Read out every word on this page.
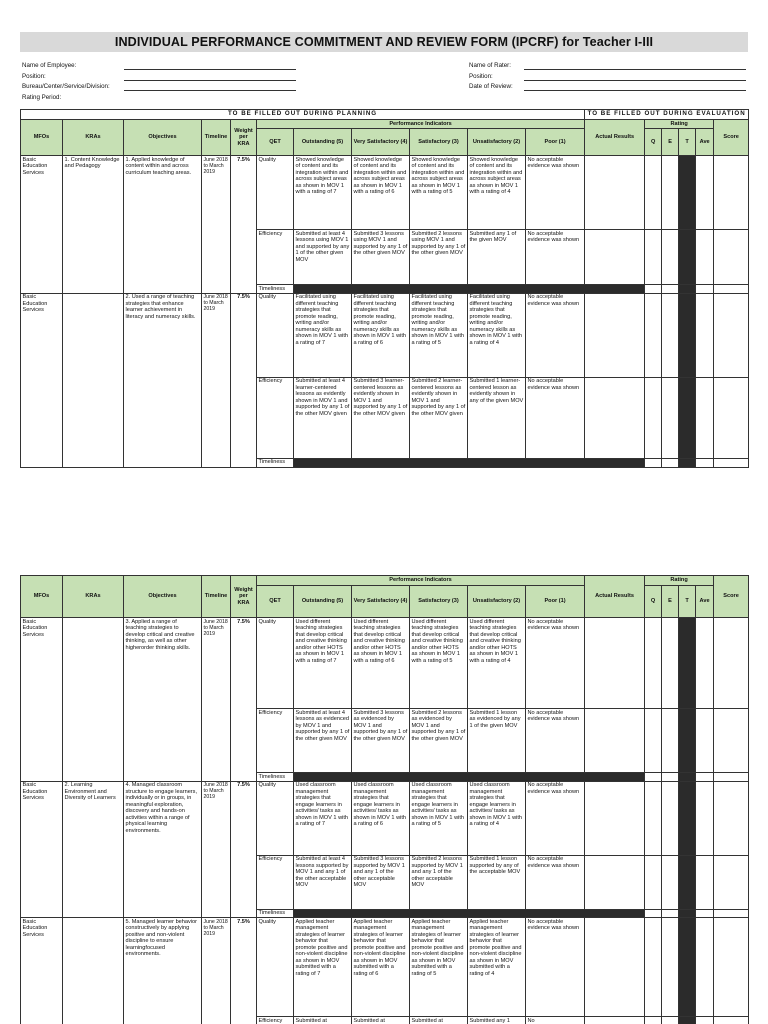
INDIVIDUAL PERFORMANCE COMMITMENT AND REVIEW FORM (IPCRF) for Teacher I-III
Name of Employee:
Position:
Bureau/Center/Service/Division:
Rating Period:
Name of Rater:
Position:
Date of Review:
TO BE FILLED OUT DURING PLANNING											TO BE FILLED OUT DURING EVALUATION					
MFOs	KRAs	Objectives	Timeline	Weight per KRA	Performance Indicators						Actual Results	Rating				Score
					QET	Outstanding (5)	Very Satisfactory (4)	Satisfactory (3)	Unsatisfactory (2)	Poor (1)		Q	E	T	Ave	
Basic Education Services	1. Content Knowledge and Pedagogy	1. Applied knowledge of content within and across curriculum teaching areas.	June 2018 to March 2019	7.5%	Quality	Showed knowledge of content and its integration within and across subject areas as shown in MOV 1 with a rating of 7	Showed knowledge of content and its integration within and across subject areas as shown in MOV 1 with a rating of 6	Showed knowledge of content and its integration within and across subject areas as shown in MOV 1 with a rating of 5	Showed knowledge of content and its integration within and across subject areas as shown in MOV 1 with a rating of 4	No acceptable evidence was shown						
					Efficiency	Submitted at least 4 lessons using MOV 1 and supported by any 1 of the other given MOV	Submitted 3 lessons using MOV 1 and supported by any 1 of the other given MOV	Submitted 2 lessons using MOV 1 and supported by any 1 of the other given MOV	Submitted any 1 of the given MOV	No acceptable evidence was shown						
					Timeliness											
Basic Education Services		2. Used a range of teaching strategies that enhance learner achievement in literacy and numeracy skills.	June 2018 to March 2019	7.5%	Quality	Facilitated using different teaching strategies that promote reading, writing and/or numeracy skills as shown in MOV 1 with a rating of 7	Facilitated using different teaching strategies that promote reading, writing and/or numeracy skills as shown in MOV 1 with a rating of 6	Facilitated using different teaching strategies that promote reading, writing and/or numeracy skills as shown in MOV 1 with a rating of 5	Facilitated using different teaching strategies that promote reading, writing and/or numeracy skills as shown in MOV 1 with a rating of 4	No acceptable evidence was shown						
					Efficiency	Submitted at least 4 learner-centered lessons as evidently shown in MOV 1 and supported by any 1 of the other MOV given	Submitted 3 learner-centered lessons as evidently shown in MOV 1 and supported by any 1 of the other MOV given	Submitted 2 learner-centered lessons as evidently shown in MOV 1 and supported by any 1 of the other MOV given	Submitted 1 learner-centered lesson as evidently shown in any of the given MOV	No acceptable evidence was shown						
					Timeliness											
MFOs	KRAs	Objectives	Timeline	Weight per KRA	Performance Indicators						Actual Results	Rating				Score
					QET	Outstanding (5)	Very Satisfactory (4)	Satisfactory (3)	Unsatisfactory (2)	Poor (1)		Q	E	T	Ave	
Basic Education Services		3. Applied a range of teaching strategies to develop critical and creative thinking, as well as other higherorder thinking skills.	June 2018 to March 2019	7.5%	Quality	Used different teaching strategies that develop critical and creative thinking and/or other HOTS as shown in MOV 1 with a rating of 7	Used different teaching strategies that develop critical and creative thinking and/or other HOTS as shown in MOV 1 with a rating of 6	Used different teaching strategies that develop critical and creative thinking and/or other HOTS as shown in MOV 1 with a rating of 5	Used different teaching strategies that develop critical and creative thinking and/or other HOTS as shown in MOV 1 with a rating of 4	No acceptable evidence was shown						
					Efficiency	Submitted at least 4 lessons as evidenced by MOV 1 and supported by any 1 of the other given MOV	Submitted 3 lessons as evidenced by MOV 1 and supported by any 1 of the other given MOV	Submitted 2 lessons as evidenced by MOV 1 and supported by any 1 of the other given MOV	Submitted 1 lesson as evidenced by any 1 of the given MOV	No acceptable evidence was shown						
					Timeliness											
Basic Education Services	2. Learning Environment and Diversity of Learners	4. Managed classroom structure to engage learners, individually or in groups, in meaningful exploration, discovery and hands-on activities within a range of physical learning environments.	June 2018 to March 2019	7.5%	Quality	Used classroom management strategies that engage learners in activities/ tasks as shown in MOV 1 with a rating of 7	Used classroom management strategies that engage learners in activities/ tasks as shown in MOV 1 with a rating of 6	Used classroom management strategies that engage learners in activities/ tasks as shown in MOV 1 with a rating of 5	Used classroom management strategies that engage learners in activities/ tasks as shown in MOV 1 with a rating of 4	No acceptable evidence was shown						
					Efficiency	Submitted at least 4 lessons supported by MOV 1 and any 1 of the other acceptable MOV	Submitted 3 lessons supported by MOV 1 and any 1 of the other acceptable MOV	Submitted 2 lessons supported by MOV 1 and any 1 of the other acceptable MOV	Submitted 1 lesson supported by any of the acceptable MOV	No acceptable evidence was shown						
					Timeliness											
Basic Education Services		5. Managed learner behavior constructively by applying positive and non-violent discipline to ensure learningfocused environments.	June 2018 to March 2019	7.5%	Quality	Applied teacher management strategies of learner behavior that promote positive and non-violent discipline as shown in MOV submitted with a rating of 7	Applied teacher management strategies of learner behavior that promote positive and non-violent discipline as shown in MOV submitted with a rating of 6	Applied teacher management strategies of learner behavior that promote positive and non-violent discipline as shown in MOV submitted with a rating of 5	Applied teacher management strategies of learner behavior that promote positive and non-violent discipline as shown in MOV submitted with a rating of 4	No acceptable evidence was shown						
					Efficiency	Submitted at	Submitted at	Submitted at	Submitted any 1	No						
